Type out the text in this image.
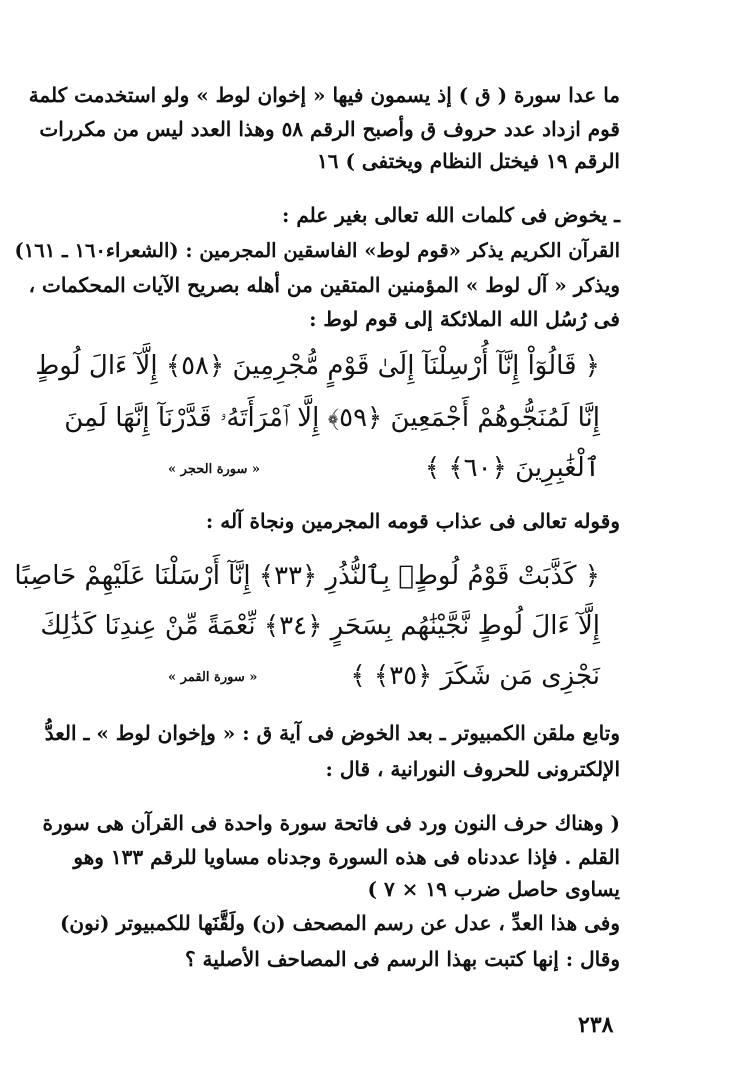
ما عدا سورة ( ق ) إذ يسمون فيها « إخوان لوط » ولو استخدمت كلمة
قوم ازداد عدد حروف ق وأصبح الرقم ٥٨ وهذا العدد ليس من مكررات
الرقم ١٩ فيختل النظام ويختفى ) ١٦
ـ يخوض فى كلمات الله تعالى بغير علم :
القرآن الكريم يذكر «قوم لوط» الفاسقين المجرمين : (الشعراء١٦٠ ـ ١٦١)
ويذكر « آل لوط » المؤمنين المتقين من أهله بصريح الآيات المحكمات ،
فى رُسُل الله الملائكة إلى قوم لوط :
﴿ قَالُوٓاْ إِنَّآ أُرْسِلْنَآ إِلَىٰ قَوْمٍ مُّجْرِمِينَ ﴿٥٨﴾ إِلَّآ ءَالَ لُوطٍ
إِنَّا لَمُنَجُّوهُمْ أَجْمَعِينَ ﴿٥٩﴾ إِلَّا ٱمْرَأَتَهُۥ قَدَّرْنَآ إِنَّهَا لَمِنَ
ٱلْغَٰبِرِينَ ﴿٦٠﴾ ﴾
« سورة الحجر »
وقوله تعالى فى عذاب قومه المجرمين ونجاة آله :
﴿ كَذَّبَتْ قَوْمُ لُوطٍۭ بِٱلنُّذُرِ ﴿٣٣﴾ إِنَّآ أَرْسَلْنَا عَلَيْهِمْ حَاصِبًا
إِلَّآ ءَالَ لُوطٍ نَّجَّيْنَٰهُم بِسَحَرٍ ﴿٣٤﴾ نِّعْمَةً مِّنْ عِندِنَا كَذَٰلِكَ
نَجْزِى مَن شَكَرَ ﴿٣٥﴾ ﴾
« سورة القمر »
وتابع ملقن الكمبيوتر ـ بعد الخوض فى آية ق : « وإخوان لوط » ـ العدُّ
الإلكترونى للحروف النورانية ، قال :
( وهناك حرف النون ورد فى فاتحة سورة واحدة فى القرآن هى سورة
القلم . فإذا عددناه فى هذه السورة وجدناه مساويا للرقم ١٣٣ وهو
يساوى حاصل ضرب ١٩ × ٧ )
وفى هذا العدِّ ، عدل عن رسم المصحف (ن) ولَقَّنَها للكمبيوتر (نون)
وقال : إنها كتبت بهذا الرسم فى المصاحف الأصلية ؟
٢٣٨
